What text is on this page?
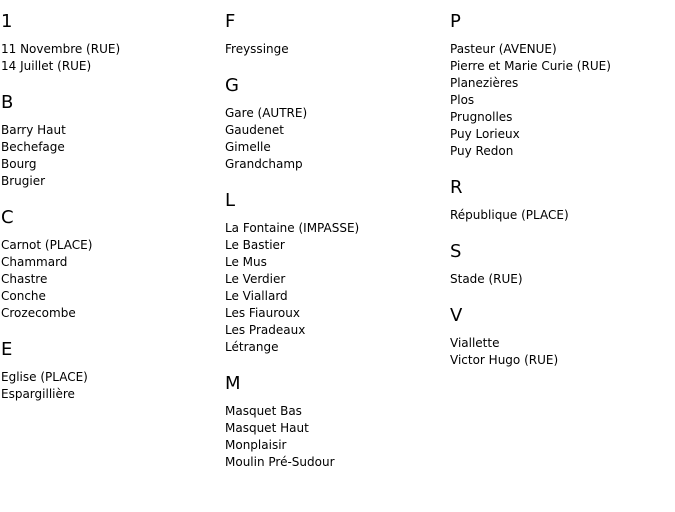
1
11 Novembre (RUE)
14 Juillet (RUE)
B
Barry Haut
Bechefage
Bourg
Brugier
C
Carnot (PLACE)
Chammard
Chastre
Conche
Crozecombe
E
Eglise (PLACE)
Espargillière
F
Freyssinge
G
Gare (AUTRE)
Gaudenet
Gimelle
Grandchamp
L
La Fontaine (IMPASSE)
Le Bastier
Le Mus
Le Verdier
Le Viallard
Les Fiauroux
Les Pradeaux
Létrange
M
Masquet Bas
Masquet Haut
Monplaisir
Moulin Pré-Sudour
P
Pasteur (AVENUE)
Pierre et Marie Curie (RUE)
Planezières
Plos
Prugnolles
Puy Lorieux
Puy Redon
R
République (PLACE)
S
Stade (RUE)
V
Viallette
Victor Hugo (RUE)
